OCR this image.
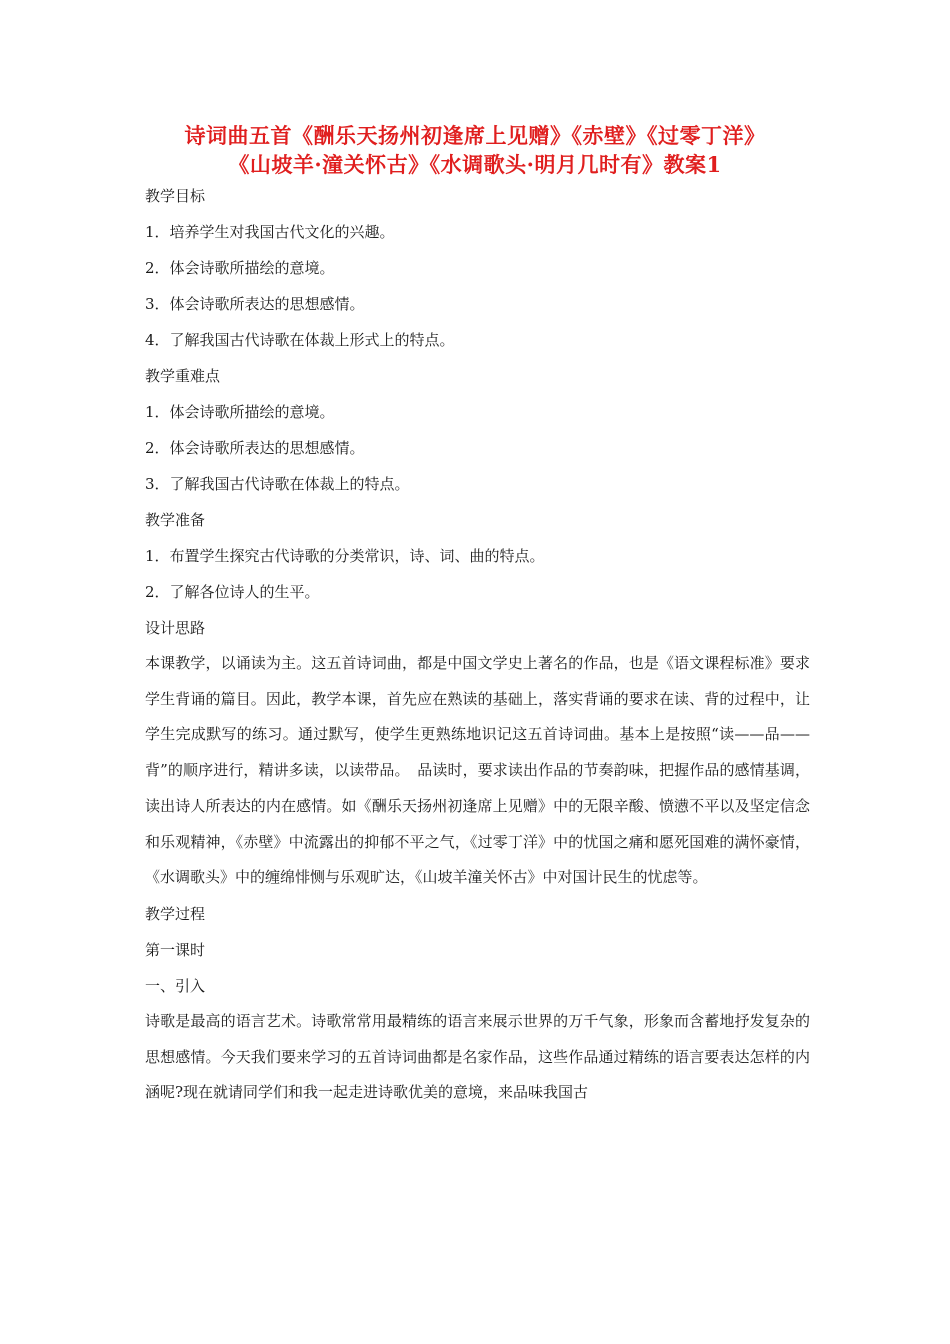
诗词曲五首《酬乐天扬州初逢席上见赠》《赤壁》《过零丁洋》
《山坡羊·潼关怀古》《水调歌头·明月几时有》教案1
教学目标
1．培养学生对我国古代文化的兴趣。
2．体会诗歌所描绘的意境。
3．体会诗歌所表达的思想感情。
4．了解我国古代诗歌在体裁上形式上的特点。
教学重难点
1．体会诗歌所描绘的意境。
2．体会诗歌所表达的思想感情。
3．了解我国古代诗歌在体裁上的特点。
教学准备
1．布置学生探究古代诗歌的分类常识，诗、词、曲的特点。
2．了解各位诗人的生平。
设计思路
本课教学，以诵读为主。这五首诗词曲，都是中国文学史上著名的作品，也是《语文课程标准》要求学生背诵的篇目。因此，教学本课，首先应在熟读的基础上，落实背诵的要求在读、背的过程中，让学生完成默写的练习。通过默写，使学生更熟练地识记这五首诗词曲。基本上是按照“读——品——背”的顺序进行，精讲多读，以读带品。　品读时，要求读出作品的节奏韵味，把握作品的感情基调，读出诗人所表达的内在感情。如《酬乐天扬州初逢席上见赠》中的无限辛酸、愤懑不平以及坚定信念和乐观精神，《赤壁》中流露出的抑郁不平之气，《过零丁洋》中的忧国之痛和愿死国难的满怀豪情，《水调歌头》中的缠绵悱恻与乐观旷达，《山坡羊潼关怀古》中对国计民生的忧虑等。
教学过程
第一课时
一、引入
诗歌是最高的语言艺术。诗歌常常用最精练的语言来展示世界的万千气象，形象而含蓄地抒发复杂的思想感情。今天我们要来学习的五首诗词曲都是名家作品，这些作品通过精练的语言要表达怎样的内涵呢?现在就请同学们和我一起走进诗歌优美的意境，来品味我国古
